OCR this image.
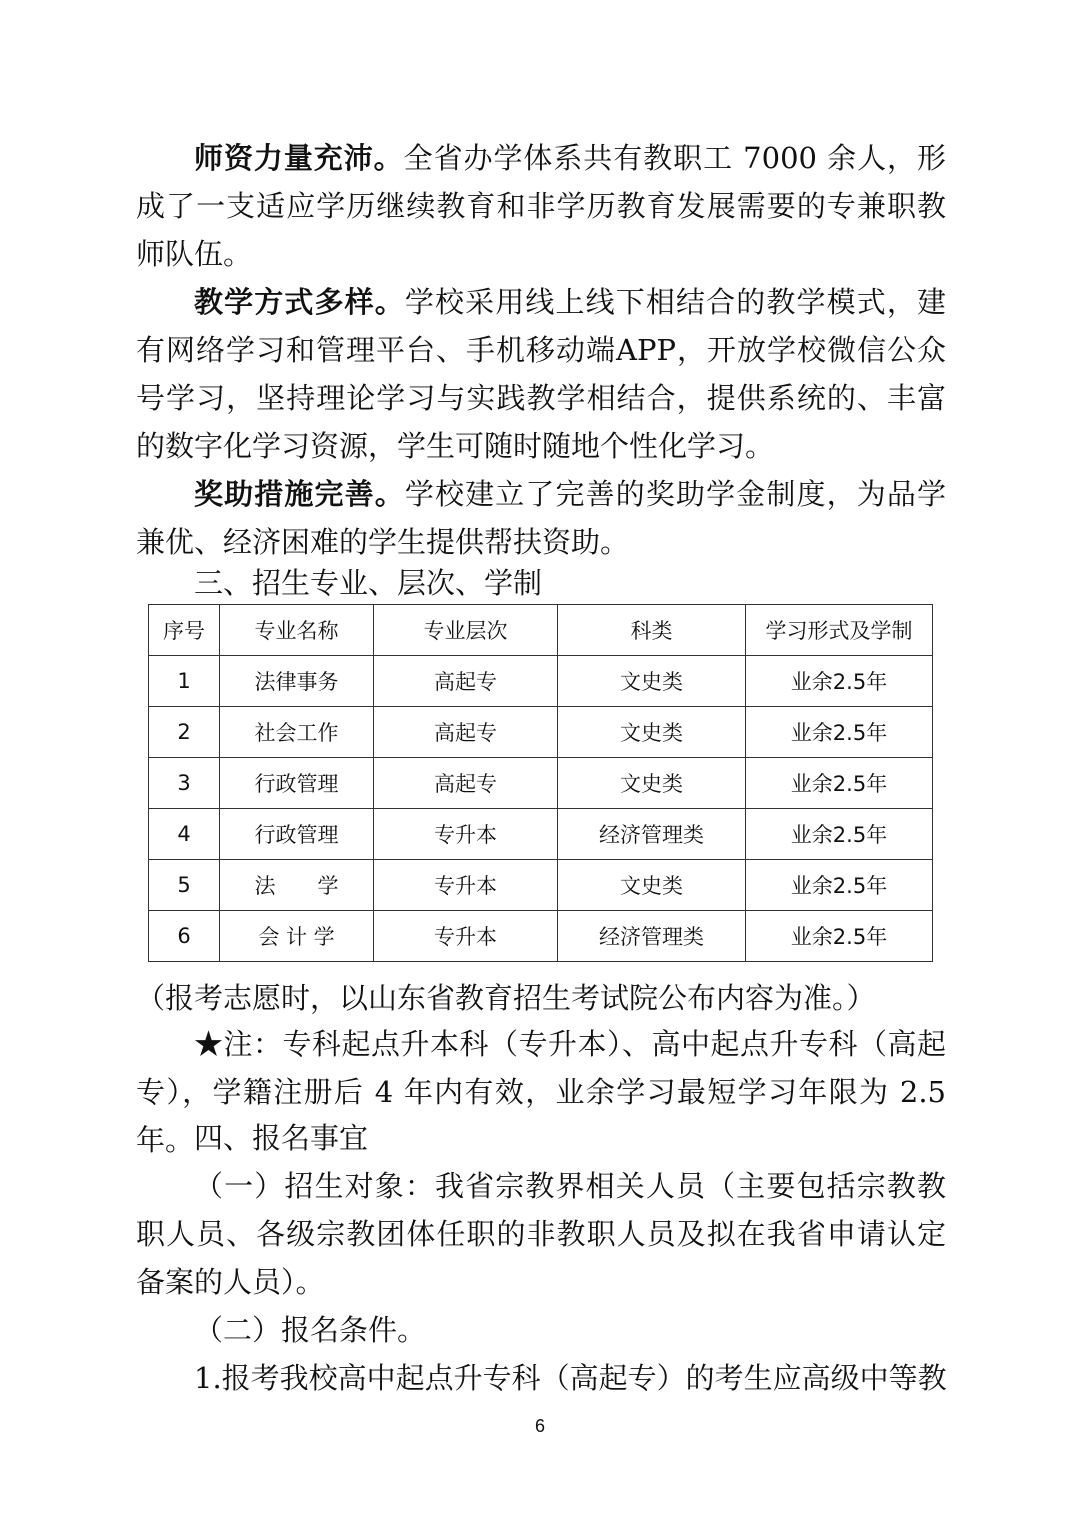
师资力量充沛。全省办学体系共有教职工 7000 余人，形成了一支适应学历继续教育和非学历教育发展需要的专兼职教师队伍。

教学方式多样。学校采用线上线下相结合的教学模式，建有网络学习和管理平台、手机移动端APP，开放学校微信公众号学习，坚持理论学习与实践教学相结合，提供系统的、丰富的数字化学习资源，学生可随时随地个性化学习。

奖助措施完善。学校建立了完善的奖助学金制度，为品学兼优、经济困难的学生提供帮扶资助。

三、招生专业、层次、学制
序号	专业名称	专业层次	科类	学习形式及学制
1	法律事务	高起专	文史类	业余2.5年
2	社会工作	高起专	文史类	业余2.5年
3	行政管理	高起专	文史类	业余2.5年
4	行政管理	专升本	经济管理类	业余2.5年
5	法　　学	专升本	文史类	业余2.5年
6	会 计 学	专升本	经济管理类	业余2.5年

（报考志愿时，以山东省教育招生考试院公布内容为准。）

★注：专科起点升本科（专升本）、高中起点升专科（高起专），学籍注册后 4 年内有效，业余学习最短学习年限为 2.5 年。 四、报名事宜

（一）招生对象：我省宗教界相关人员（主要包括宗教教职人员、各级宗教团体任职的非教职人员及拟在我省申请认定备案的人员）。

（二）报名条件。

1.报考我校高中起点升专科（高起专）的考生应高级中等教

6
